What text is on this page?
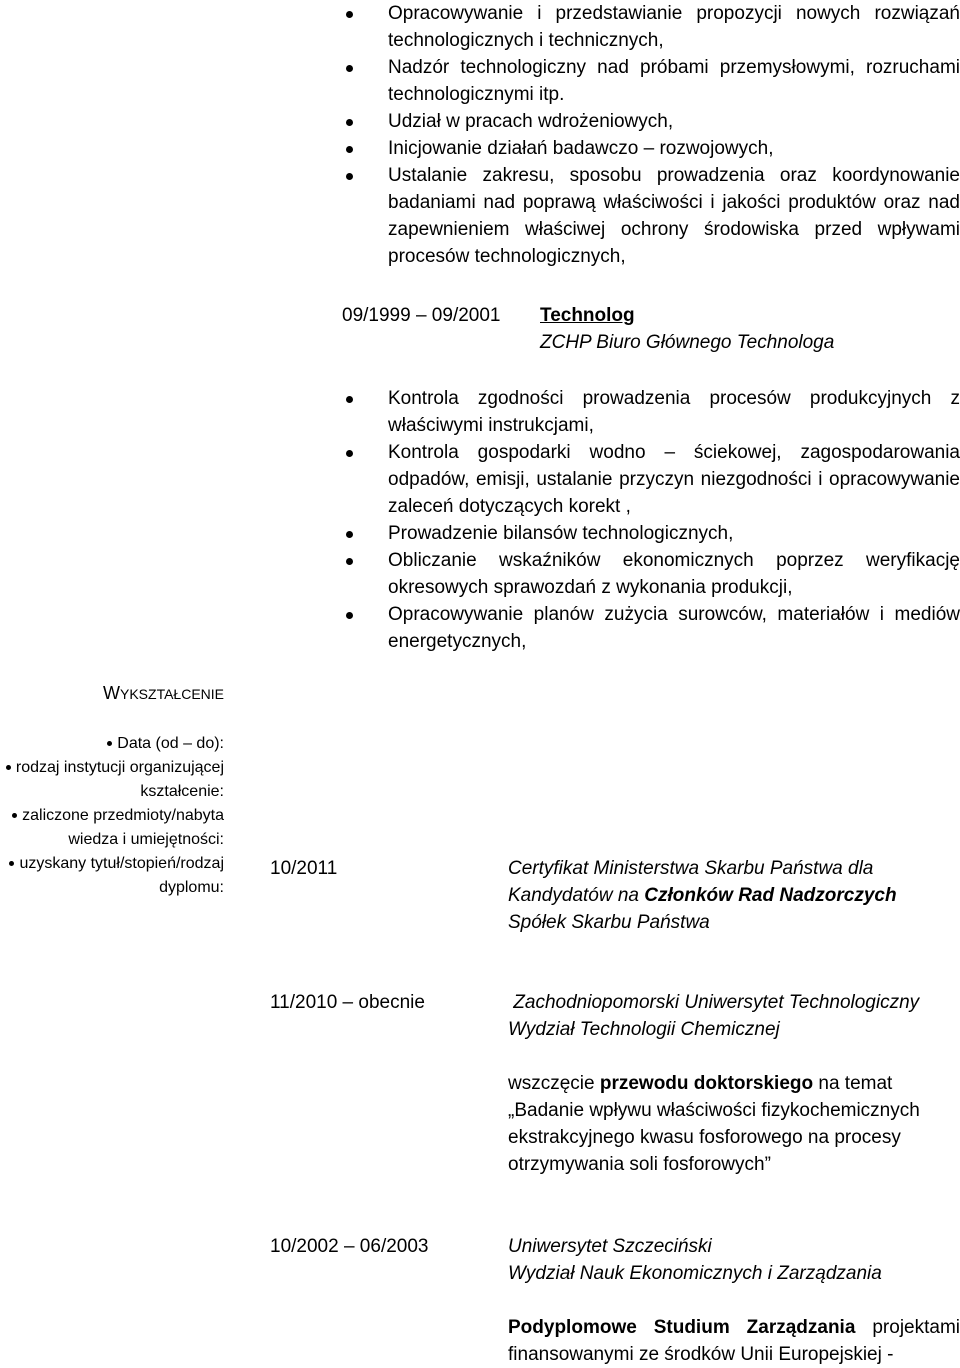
Opracowywanie i przedstawianie propozycji nowych rozwiązań technologicznych i technicznych,
Nadzór technologiczny nad próbami przemysłowymi, rozruchami technologicznymi itp.
Udział w pracach wdrożeniowych,
Inicjowanie działań badawczo – rozwojowych,
Ustalanie zakresu, sposobu prowadzenia oraz koordynowanie badaniami nad poprawą właściwości i jakości produktów oraz nad zapewnieniem właściwej ochrony środowiska przed wpływami procesów technologicznych,
09/1999 – 09/2001 Technolog
ZCHP Biuro Głównego Technologa
Kontrola zgodności prowadzenia procesów produkcyjnych z właściwymi instrukcjami,
Kontrola gospodarki wodno – ściekowej, zagospodarowania odpadów, emisji, ustalanie przyczyn niezgodności i opracowywanie zaleceń dotyczących korekt ,
Prowadzenie bilansów technologicznych,
Obliczanie wskaźników ekonomicznych poprzez weryfikację okresowych sprawozdań z wykonania produkcji,
Opracowywanie planów zużycia surowców, materiałów i mediów energetycznych,
WYKSZTAŁCENIE
Data (od – do):
rodzaj instytucji organizującej kształcenie:
zaliczone przedmioty/nabyta wiedza i umiejętności:
uzyskany tytuł/stopień/rodzaj dyplomu:
10/2011	Certyfikat Ministerstwa Skarbu Państwa dla
Kandydatów na Członków Rad Nadzorczych
Spółek Skarbu Państwa
11/2010 – obecnie	Zachodniopomorski Uniwersytet Technologiczny
Wydział Technologii Chemicznej
wszczęcie przewodu doktorskiego na temat
„Badanie wpływu właściwości fizykochemicznych ekstrakcyjnego kwasu fosforowego na procesy otrzymywania soli fosforowych”
10/2002 – 06/2003	Uniwersytet Szczeciński
Wydział Nauk Ekonomicznych i Zarządzania
Podyplomowe Studium Zarządzania projektami finansowanymi ze środków Unii Europejskiej -
